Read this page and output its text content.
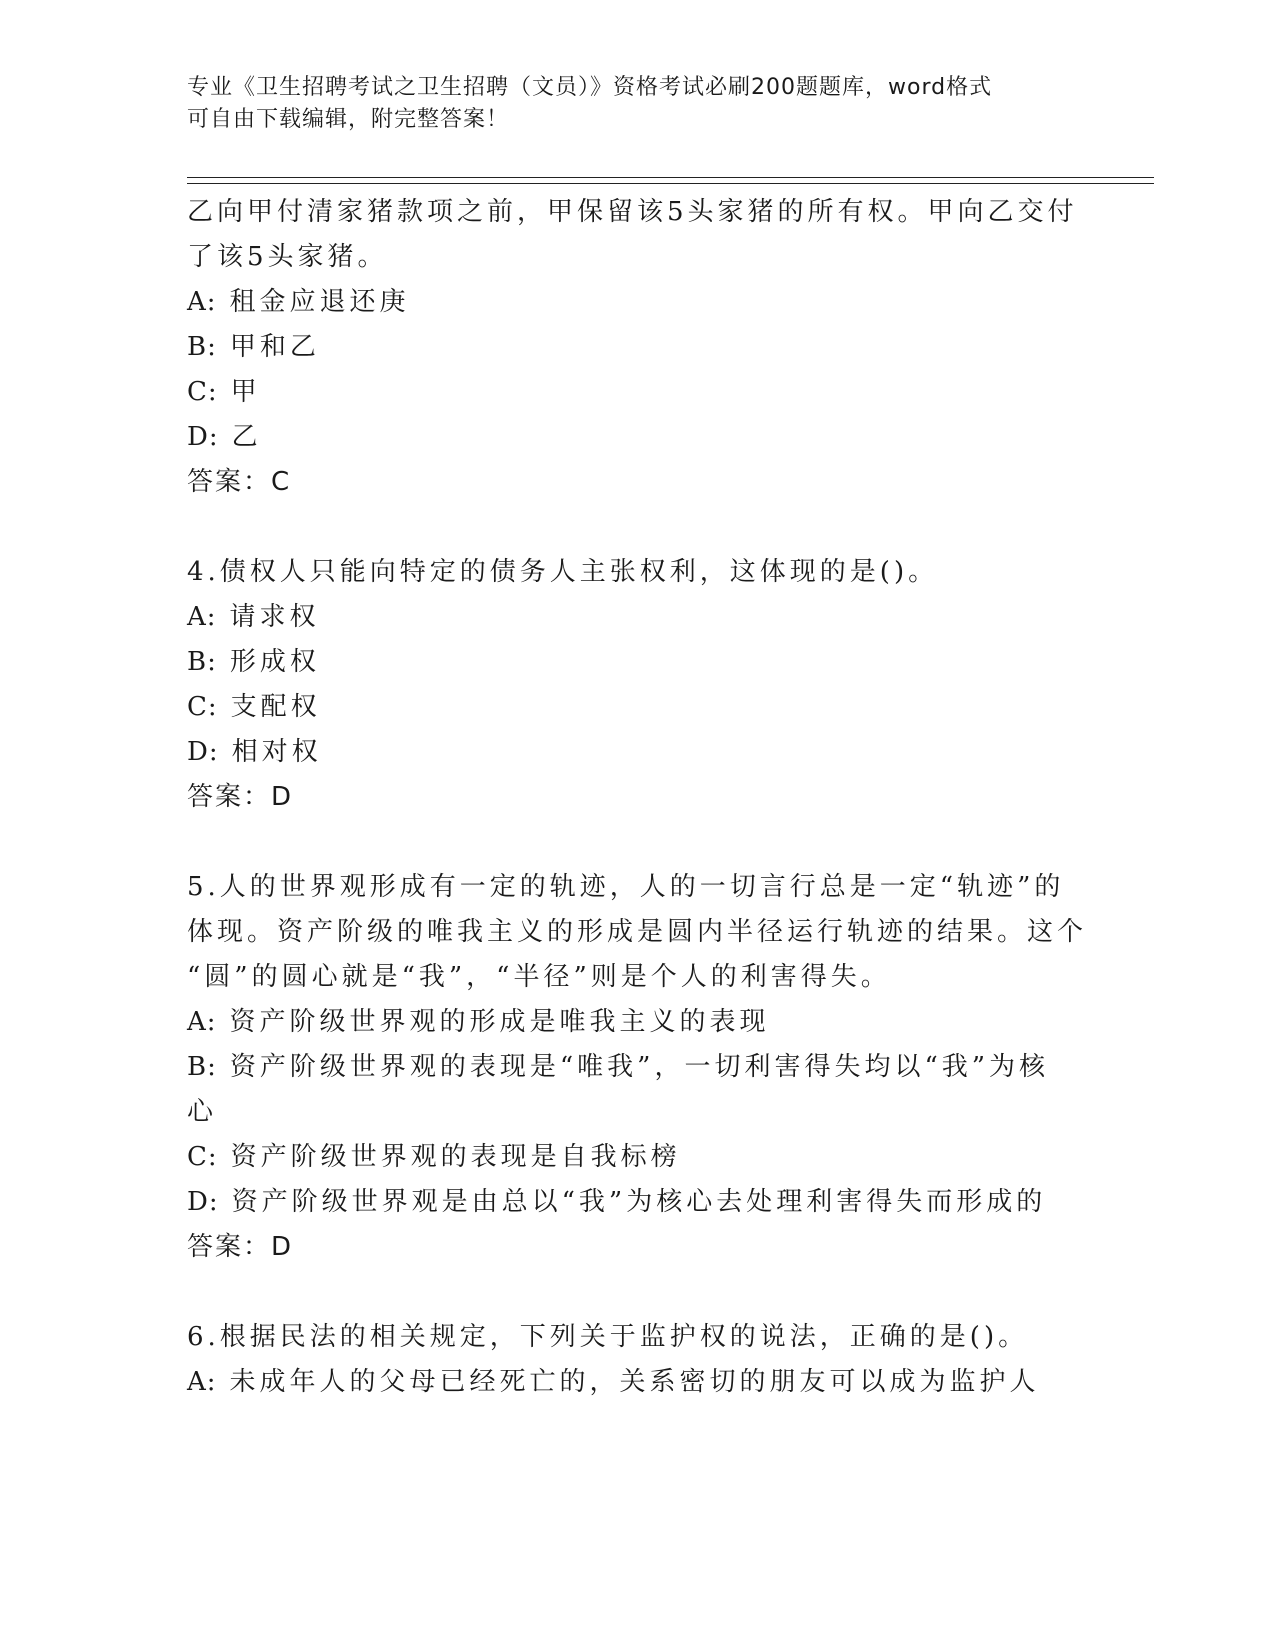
专业《卫生招聘考试之卫生招聘（文员）》资格考试必刷200题题库，word格式
可自由下载编辑，附完整答案！
乙向甲付清家猪款项之前，甲保留该5头家猪的所有权。甲向乙交付
了该5头家猪。
A: 租金应退还庚
B: 甲和乙
C: 甲
D: 乙
答案：C
4.债权人只能向特定的债务人主张权利，这体现的是()。
A: 请求权
B: 形成权
C: 支配权
D: 相对权
答案：D
5.人的世界观形成有一定的轨迹，人的一切言行总是一定“轨迹”的
体现。资产阶级的唯我主义的形成是圆内半径运行轨迹的结果。这个
“圆”的圆心就是“我”，“半径”则是个人的利害得失。
A: 资产阶级世界观的形成是唯我主义的表现
B: 资产阶级世界观的表现是“唯我”，一切利害得失均以“我”为核
心
C: 资产阶级世界观的表现是自我标榜
D: 资产阶级世界观是由总以“我”为核心去处理利害得失而形成的
答案：D
6.根据民法的相关规定，下列关于监护权的说法，正确的是()。
A: 未成年人的父母已经死亡的，关系密切的朋友可以成为监护人
